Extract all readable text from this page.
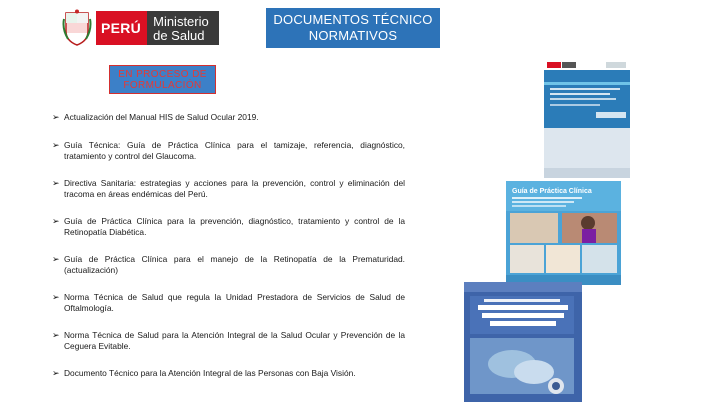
PERÚ Ministerio
de Salud
DOCUMENTOS TÉCNICO NORMATIVOS
EN PROCESO DE FORMULACIÓN
➢ Actualización del Manual HIS de Salud Ocular 2019.
➢ Guía Técnica: Guía de Práctica Clínica para el tamizaje, referencia, diagnóstico, tratamiento y control del Glaucoma.
➢ Directiva Sanitaria: estrategias y acciones para la prevención, control y eliminación del tracoma en áreas endémicas del Perú.
➢ Guía de Práctica Clínica para la prevención, diagnóstico, tratamiento y control de la Retinopatía Diabética.
➢ Guía de Práctica Clínica para el manejo de la Retinopatía de la Prematuridad. (actualización)
➢ Norma Técnica de Salud que regula la Unidad Prestadora de Servicios de Salud de Oftalmología.
➢ Norma Técnica de Salud para la Atención Integral de la Salud Ocular y Prevención de la Ceguera Evitable.
➢ Documento Técnico para la Atención Integral de las Personas con Baja Visión.
Guía de Práctica Clínica
